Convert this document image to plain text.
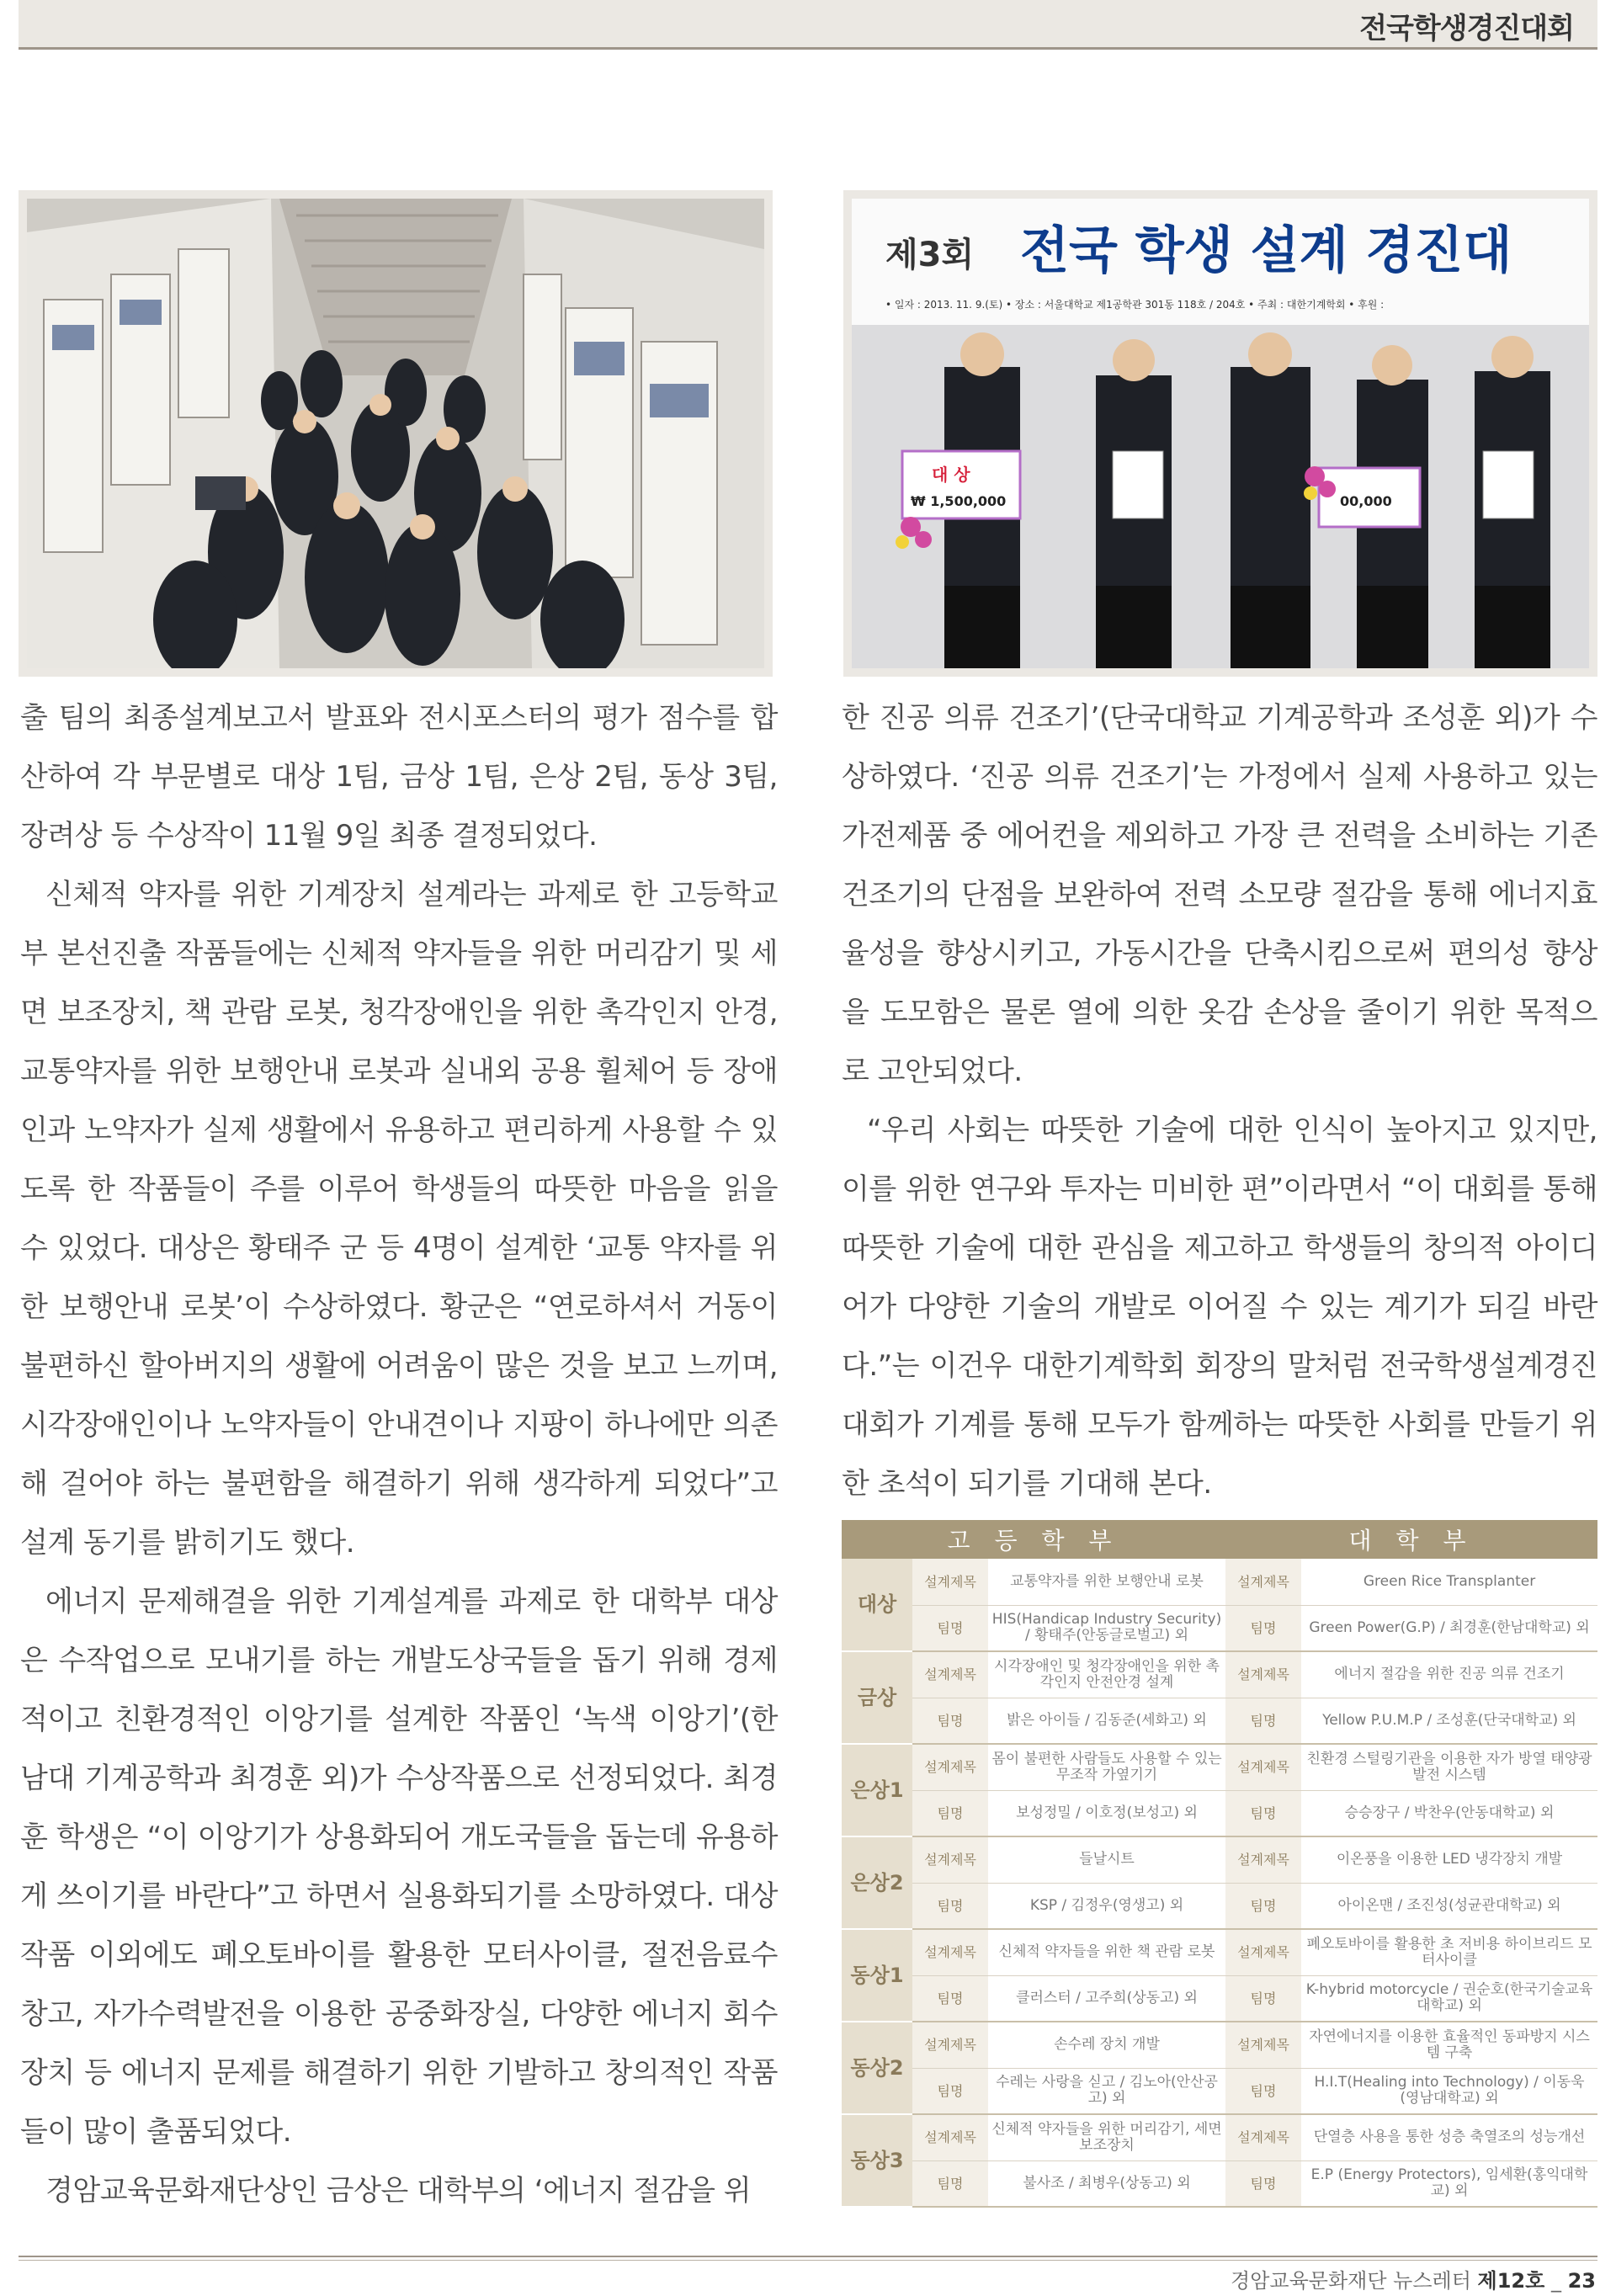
전국학생경진대회
제3회 전국 학생 설계 경진대
• 일자 : 2013. 11. 9.(토) • 장소 : 서울대학교 제1공학관 301동 118호 / 204호 • 주최 : 대한기계학회 • 후원 :
대 상
₩ 1,500,000	00,000

출 팀의 최종설계보고서 발표와 전시포스터의 평가 점수를 합산하여 각 부문별로 대상 1팀, 금상 1팀, 은상 2팀, 동상 3팀, 장려상 등 수상작이 11월 9일 최종 결정되었다.

신체적 약자를 위한 기계장치 설계라는 과제로 한 고등학교부 본선진출 작품들에는 신체적 약자들을 위한 머리감기 및 세면 보조장치, 책 관람 로봇, 청각장애인을 위한 촉각인지 안경, 교통약자를 위한 보행안내 로봇과 실내외 공용 휠체어 등 장애인과 노약자가 실제 생활에서 유용하고 편리하게 사용할 수 있도록 한 작품들이 주를 이루어 학생들의 따뜻한 마음을 읽을 수 있었다. 대상은 황태주 군 등 4명이 설계한 ‘교통 약자를 위한 보행안내 로봇’이 수상하였다. 황군은 “연로하셔서 거동이 불편하신 할아버지의 생활에 어려움이 많은 것을 보고 느끼며, 시각장애인이나 노약자들이 안내견이나 지팡이 하나에만 의존해 걸어야 하는 불편함을 해결하기 위해 생각하게 되었다”고 설계 동기를 밝히기도 했다.

에너지 문제해결을 위한 기계설계를 과제로 한 대학부 대상은 수작업으로 모내기를 하는 개발도상국들을 돕기 위해 경제적이고 친환경적인 이앙기를 설계한 작품인 ‘녹색 이앙기’(한남대 기계공학과 최경훈 외)가 수상작품으로 선정되었다. 최경훈 학생은 “이 이앙기가 상용화되어 개도국들을 돕는데 유용하게 쓰이기를 바란다”고 하면서 실용화되기를 소망하였다. 대상 작품 이외에도 폐오토바이를 활용한 모터사이클, 절전음료수창고, 자가수력발전을 이용한 공중화장실, 다양한 에너지 회수장치 등 에너지 문제를 해결하기 위한 기발하고 창의적인 작품들이 많이 출품되었다.

경암교육문화재단상인 금상은 대학부의 ‘에너지 절감을 위

한 진공 의류 건조기’(단국대학교 기계공학과 조성훈 외)가 수상하였다. ‘진공 의류 건조기’는 가정에서 실제 사용하고 있는 가전제품 중 에어컨을 제외하고 가장 큰 전력을 소비하는 기존 건조기의 단점을 보완하여 전력 소모량 절감을 통해 에너지효율성을 향상시키고, 가동시간을 단축시킴으로써 편의성 향상을 도모함은 물론 열에 의한 옷감 손상을 줄이기 위한 목적으로 고안되었다.

“우리 사회는 따뜻한 기술에 대한 인식이 높아지고 있지만, 이를 위한 연구와 투자는 미비한 편”이라면서 “이 대회를 통해 따뜻한 기술에 대한 관심을 제고하고 학생들의 창의적 아이디어가 다양한 기술의 개발로 이어질 수 있는 계기가 되길 바란다.”는 이건우 대한기계학회 회장의 말처럼 전국학생설계경진대회가 기계를 통해 모두가 함께하는 따뜻한 사회를 만들기 위한 초석이 되기를 기대해 본다.

고 등 학 부			대 학 부	
대상	설계제목	교통약자를 위한 보행안내 로봇	설계제목	Green Rice Transplanter
	팀명	HIS(Handicap Industry Security) / 황태주(안동글로벌고) 외	팀명	Green Power(G.P) / 최경훈(한남대학교) 외
금상	설계제목	시각장애인 및 청각장애인을 위한 촉각인지 안전안경 설계	설계제목	에너지 절감을 위한 진공 의류 건조기
	팀명	밝은 아이들 / 김동준(세화고) 외	팀명	Yellow P.U.M.P / 조성훈(단국대학교) 외
은상1	설계제목	몸이 불편한 사람들도 사용할 수 있는 무조작 가옆기기	설계제목	친환경 스털링기관을 이용한 자가 방열 태양광발전 시스템
	팀명	보성정밀 / 이호정(보성고) 외	팀명	승승장구 / 박찬우(안동대학교) 외
은상2	설계제목	들날시트	설계제목	이온풍을 이용한 LED 냉각장치 개발
	팀명	KSP / 김정우(영생고) 외	팀명	아이온맨 / 조진성(성균관대학교) 외
동상1	설계제목	신체적 약자들을 위한 책 관람 로봇	설계제목	폐오토바이를 활용한 초 저비용 하이브리드 모터사이클
	팀명	클러스터 / 고주희(상동고) 외	팀명	K-hybrid motorcycle / 권순호(한국기술교육대학교) 외
동상2	설계제목	손수레 장치 개발	설계제목	자연에너지를 이용한 효율적인 동파방지 시스템 구축
	팀명	수레는 사랑을 싣고 / 김노아(안산공고) 외	팀명	H.I.T(Healing into Technology) / 이동욱(영남대학교) 외
동상3	설계제목	신체적 약자들을 위한 머리감기, 세면 보조장치	설계제목	단열층 사용을 통한 성층 축열조의 성능개선
	팀명	불사조 / 최병우(상동고) 외	팀명	E.P (Energy Protectors), 임세환(홍익대학교) 외
경암교육문화재단 뉴스레터 제12호 _ 23
